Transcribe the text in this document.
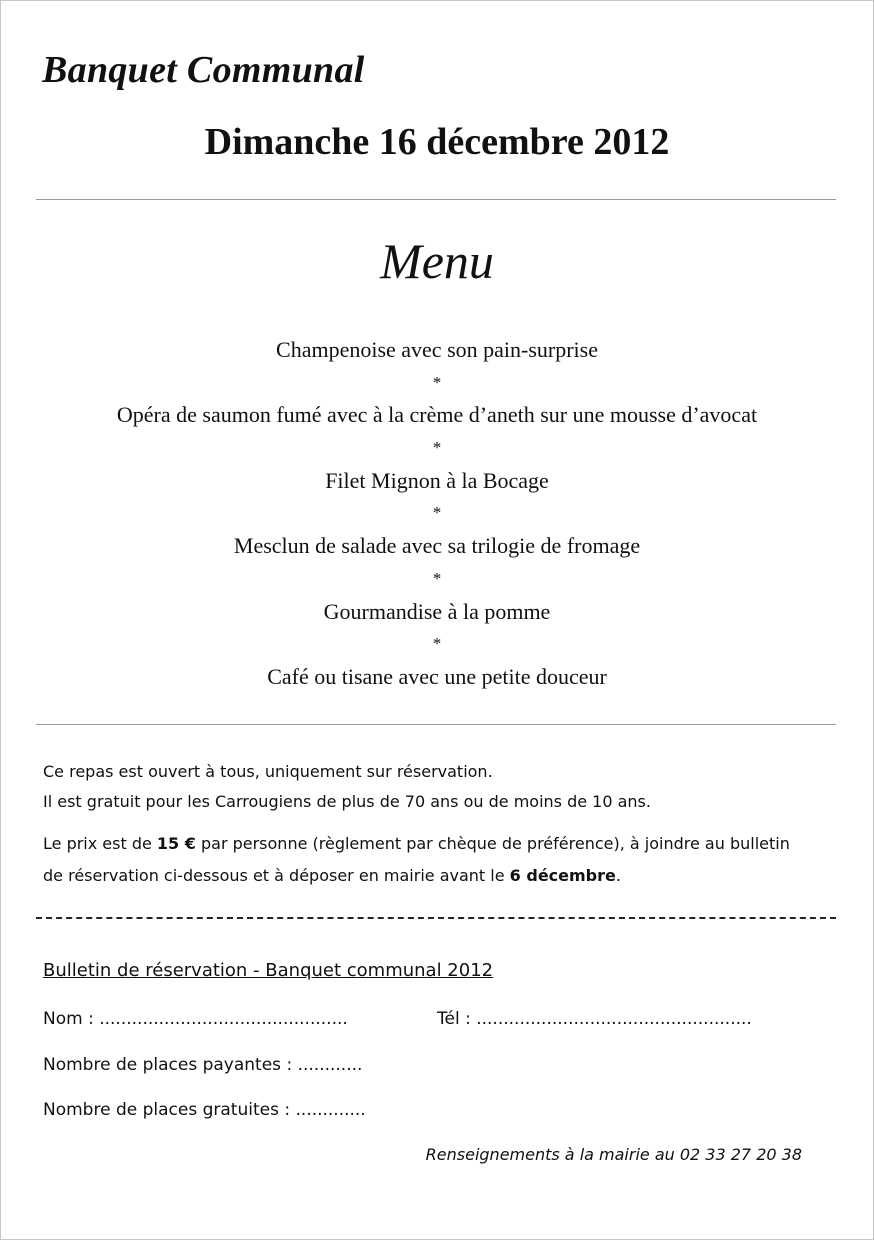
Banquet Communal
Dimanche 16 décembre 2012
Menu
Champenoise avec son pain-surprise
*
Opéra de saumon fumé avec à la crème d’aneth sur une mousse d’avocat
*
Filet Mignon à la Bocage
*
Mesclun de salade avec sa trilogie de fromage
*
Gourmandise à la pomme
*
Café ou tisane avec une petite douceur
Ce repas est ouvert à tous, uniquement sur réservation.
Il est gratuit pour les Carrougiens de plus de 70 ans ou de moins de 10 ans.
Le prix est de 15 € par personne (règlement par chèque de préférence), à joindre au bulletin
de réservation ci-dessous et à déposer en mairie avant le 6 décembre.
Bulletin de réservation - Banquet communal 2012
Nom : ..............................................	Tél : ...................................................
Nombre de places payantes : ............
Nombre de places gratuites : .............
Renseignements à la mairie au 02 33 27 20 38
